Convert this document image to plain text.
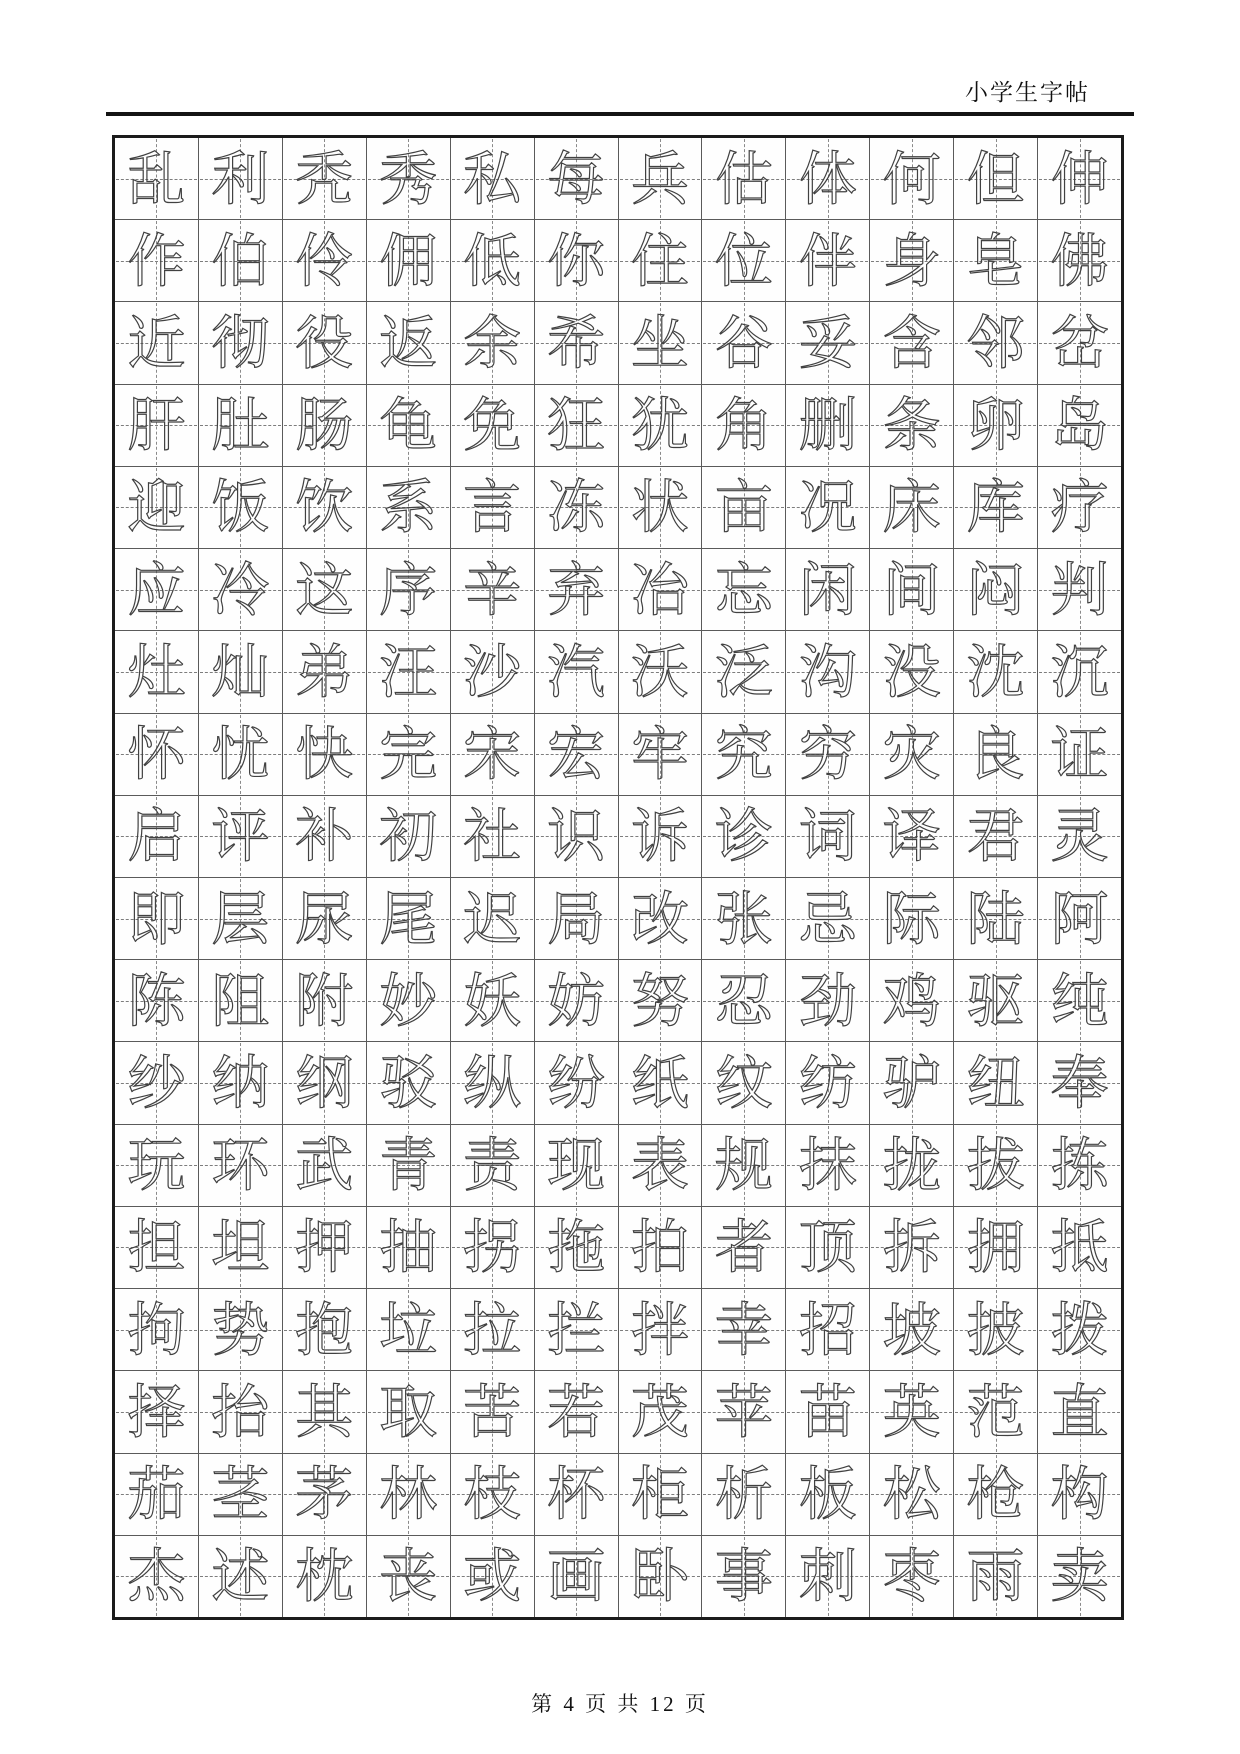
小学生字帖
乱 利 秃 秀 私 每 兵 估 体 何 但 伸
作 伯 伶 佣 低 你 住 位 伴 身 皂 佛
近 彻 役 返 余 希 坐 谷 妥 含 邻 岔
肝 肚 肠 龟 免 狂 犹 角 删 条 卵 岛
迎 饭 饮 系 言 冻 状 亩 况 床 库 疗
应 冷 这 序 辛 弃 冶 忘 闲 间 闷 判
灶 灿 弟 汪 沙 汽 沃 泛 沟 没 沈 沉
怀 忧 快 完 宋 宏 牢 究 穷 灾 良 证
启 评 补 初 社 识 诉 诊 词 译 君 灵
即 层 尿 尾 迟 局 改 张 忌 际 陆 阿
陈 阻 附 妙 妖 妨 努 忍 劲 鸡 驱 纯
纱 纳 纲 驳 纵 纷 纸 纹 纺 驴 纽 奉
玩 环 武 青 责 现 表 规 抹 拢 拔 拣
担 坦 押 抽 拐 拖 拍 者 顶 拆 拥 抵
拘 势 抱 垃 拉 拦 拌 幸 招 坡 披 拨
择 抬 其 取 苦 若 茂 苹 苗 英 范 直
茄 茎 茅 林 枝 杯 柜 析 板 松 枪 构
杰 述 枕 丧 或 画 卧 事 刺 枣 雨 卖
第 4 页 共 12 页
